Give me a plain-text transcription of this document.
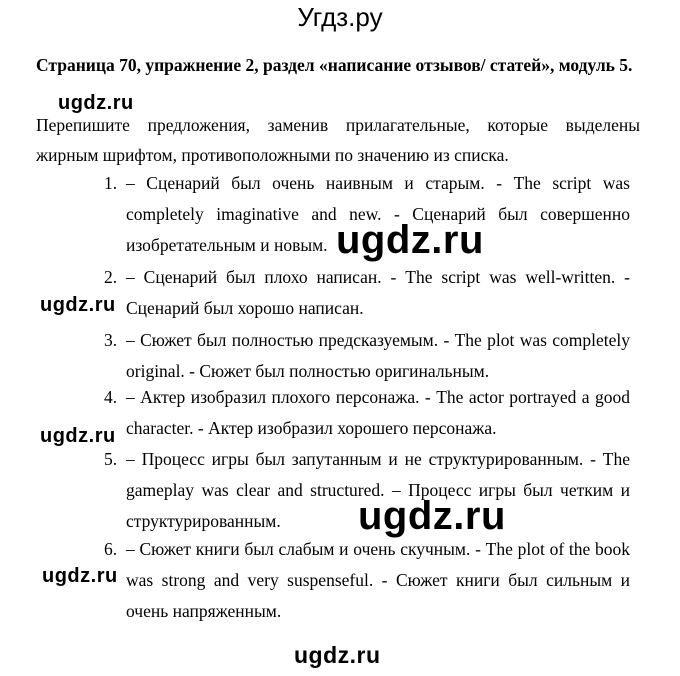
Угдз.ру
Страница 70, упражнение 2, раздел «написание отзывов/ статей», модуль 5.
Перепишите предложения, заменив прилагательные, которые выделены жирным шрифтом, противоположными по значению из списка.
1. – Сценарий был очень наивным и старым. - The script was completely imaginative and new. - Сценарий был совершенно изобретательным и новым.
2. – Сценарий был плохо написан. - The script was well-written. - Сценарий был хорошо написан.
3. – Сюжет был полностью предсказуемым. - The plot was completely original. - Сюжет был полностью оригинальным.
4. – Актер изобразил плохого персонажа. - The actor portrayed a good character. - Актер изобразил хорошего персонажа.
5. – Процесс игры был запутанным и не структурированным. - The gameplay was clear and structured. – Процесс игры был четким и структурированным.
6. – Сюжет книги был слабым и очень скучным. - The plot of the book was strong and very suspenseful. - Сюжет книги был сильным и очень напряженным.
ugdz.ru
ugdz.ru
ugdz.ru
ugdz.ru
ugdz.ru
ugdz.ru
ugdz.ru
